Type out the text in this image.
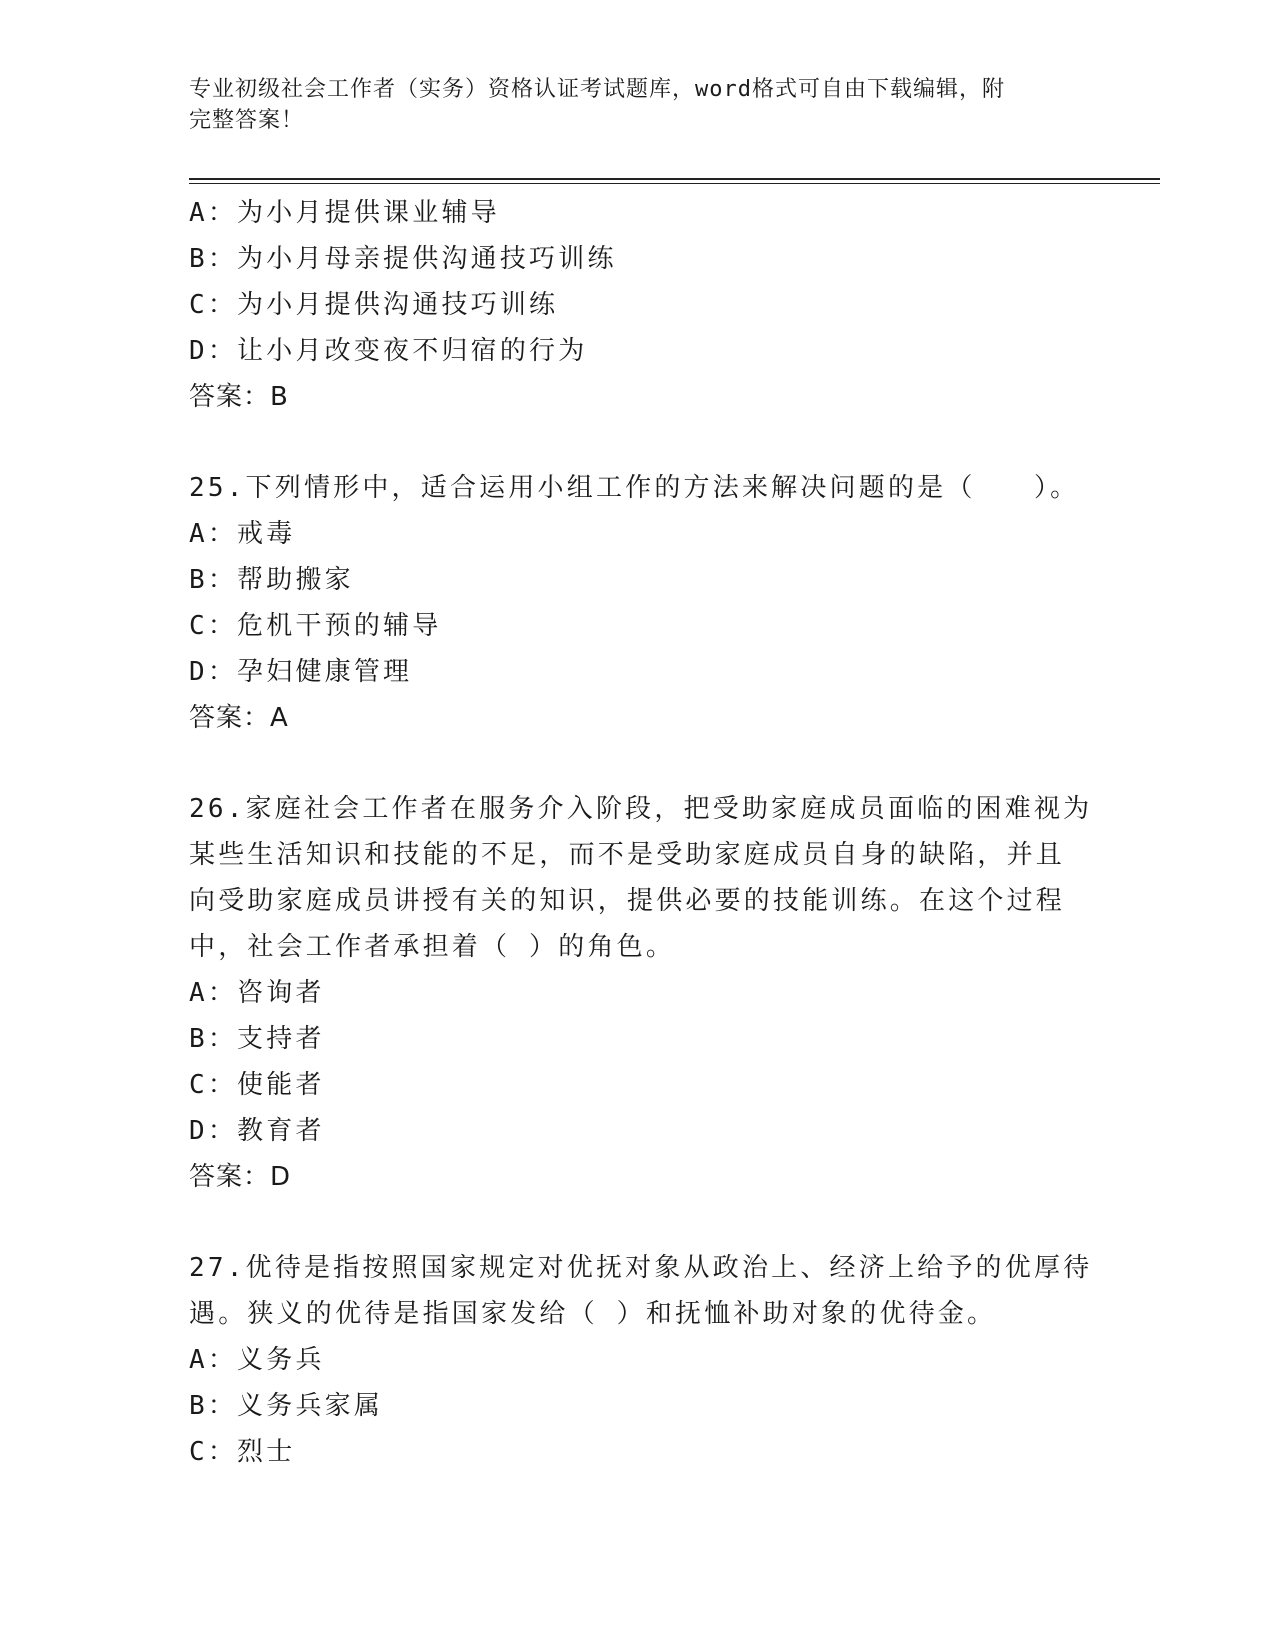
专业初级社会工作者（实务）资格认证考试题库，word格式可自由下载编辑，附
完整答案！
A：为小月提供课业辅导
B：为小月母亲提供沟通技巧训练
C：为小月提供沟通技巧训练
D：让小月改变夜不归宿的行为
答案：B
25.下列情形中，适合运用小组工作的方法来解决问题的是（　　）。
A：戒毒
B：帮助搬家
C：危机干预的辅导
D：孕妇健康管理
答案：A
26.家庭社会工作者在服务介入阶段，把受助家庭成员面临的困难视为
某些生活知识和技能的不足，而不是受助家庭成员自身的缺陷，并且
向受助家庭成员讲授有关的知识，提供必要的技能训练。在这个过程
中，社会工作者承担着（ ）的角色。
A：咨询者
B：支持者
C：使能者
D：教育者
答案：D
27.优待是指按照国家规定对优抚对象从政治上、经济上给予的优厚待
遇。狭义的优待是指国家发给（ ）和抚恤补助对象的优待金。
A：义务兵
B：义务兵家属
C：烈士
